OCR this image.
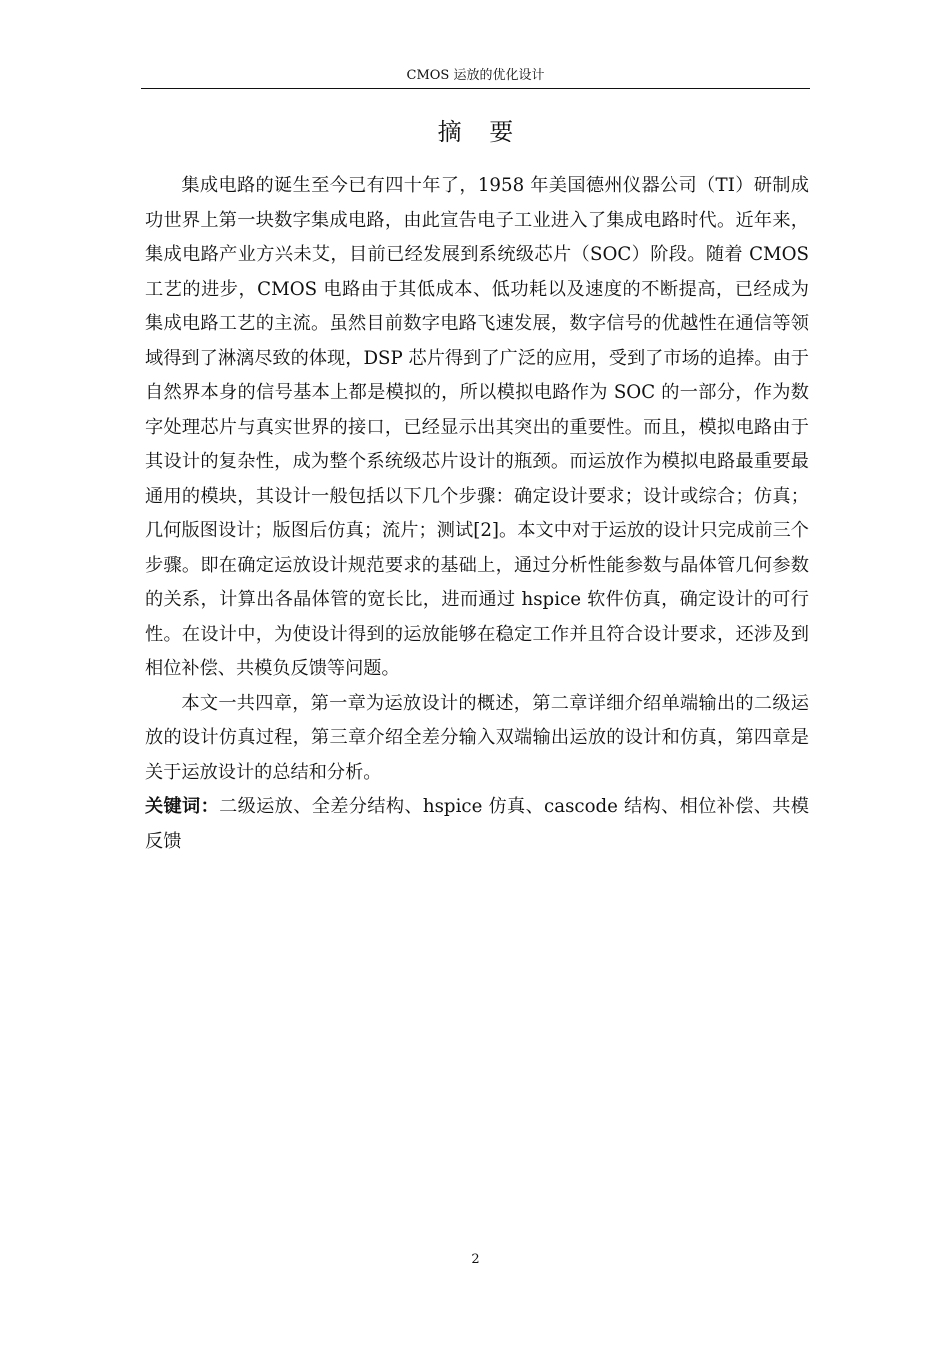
CMOS 运放的优化设计
摘 要

集成电路的诞生至今已有四十年了，1958 年美国德州仪器公司（TI）研制成功世界上第一块数字集成电路，由此宣告电子工业进入了集成电路时代。近年来，集成电路产业方兴未艾，目前已经发展到系统级芯片（SOC）阶段。随着 CMOS 工艺的进步，CMOS 电路由于其低成本、低功耗以及速度的不断提高，已经成为集成电路工艺的主流。虽然目前数字电路飞速发展，数字信号的优越性在通信等领域得到了淋漓尽致的体现，DSP 芯片得到了广泛的应用，受到了市场的追捧。由于自然界本身的信号基本上都是模拟的，所以模拟电路作为 SOC 的一部分，作为数字处理芯片与真实世界的接口，已经显示出其突出的重要性。而且，模拟电路由于其设计的复杂性，成为整个系统级芯片设计的瓶颈。而运放作为模拟电路最重要最通用的模块，其设计一般包括以下几个步骤：确定设计要求；设计或综合；仿真；几何版图设计；版图后仿真；流片；测试[2]。本文中对于运放的设计只完成前三个步骤。即在确定运放设计规范要求的基础上，通过分析性能参数与晶体管几何参数的关系，计算出各晶体管的宽长比，进而通过 hspice 软件仿真，确定设计的可行性。在设计中，为使设计得到的运放能够在稳定工作并且符合设计要求，还涉及到相位补偿、共模负反馈等问题。

本文一共四章，第一章为运放设计的概述，第二章详细介绍单端输出的二级运放的设计仿真过程，第三章介绍全差分输入双端输出运放的设计和仿真，第四章是关于运放设计的总结和分析。

关键词：二级运放、全差分结构、hspice 仿真、cascode 结构、相位补偿、共模反馈

2
